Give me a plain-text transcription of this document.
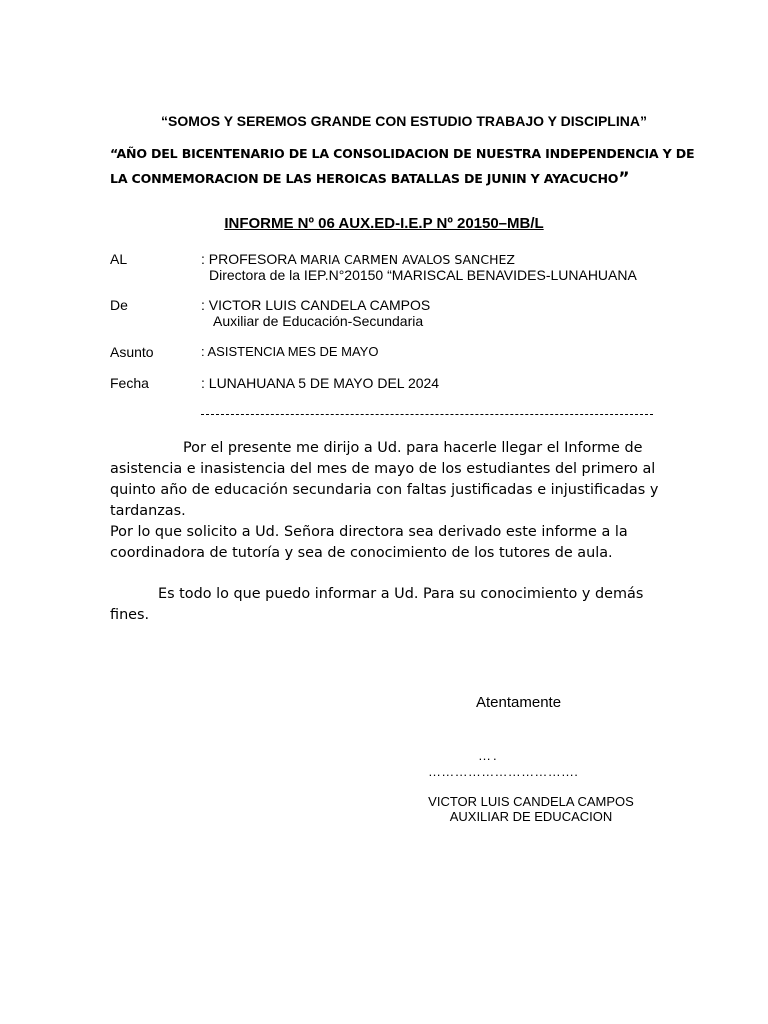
“SOMOS Y SEREMOS GRANDE CON ESTUDIO TRABAJO Y DISCIPLINA”
“AÑO DEL BICENTENARIO DE LA CONSOLIDACION DE NUESTRA INDEPENDENCIA Y DE
LA CONMEMORACION DE LAS HEROICAS BATALLAS DE JUNIN Y AYACUCHO”
INFORME Nº 06 AUX.ED-I.E.P Nº 20150–MB/L
AL	: PROFESORA MARIA CARMEN AVALOS SANCHEZ
Directora de la IEP.N°20150 “MARISCAL BENAVIDES-LUNAHUANA
De	: VICTOR LUIS CANDELA CAMPOS
Auxiliar de Educación-Secundaria
Asunto	: ASISTENCIA MES DE MAYO
Fecha	: LUNAHUANA 5 DE MAYO DEL 2024
Por el presente me dirijo a Ud. para hacerle llegar el Informe de asistencia e inasistencia del mes de mayo de los estudiantes del primero al quinto año de educación secundaria con faltas justificadas e injustificadas y tardanzas.
Por lo que solicito a Ud. Señora directora sea derivado este informe a la coordinadora de tutoría y sea de conocimiento de los tutores de aula.
Es todo lo que puedo informar a Ud. Para su conocimiento y demás fines.
Atentamente
….
…………………………….
VICTOR LUIS CANDELA CAMPOS
AUXILIAR DE EDUCACION
